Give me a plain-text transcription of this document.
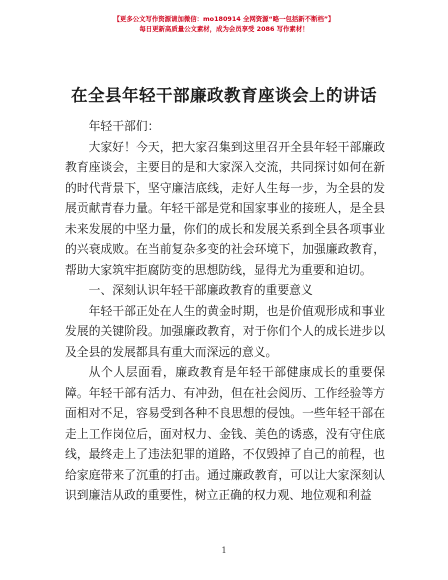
【更多公文写作资源请加微信：mo180914 全网资源“略一包括新不断档”】
每日更新高质量公文素材，成为会员享受 2086 写作素材！
在全县年轻干部廉政教育座谈会上的讲话

年轻干部们：

大家好！今天，把大家召集到这里召开全县年轻干部廉政教育座谈会，主要目的是和大家深入交流，共同探讨如何在新的时代背景下，坚守廉洁底线，走好人生每一步，为全县的发展贡献青春力量。年轻干部是党和国家事业的接班人，是全县未来发展的中坚力量，你们的成长和发展关系到全县各项事业的兴衰成败。在当前复杂多变的社会环境下，加强廉政教育，帮助大家筑牢拒腐防变的思想防线，显得尤为重要和迫切。

一、深刻认识年轻干部廉政教育的重要意义

年轻干部正处在人生的黄金时期，也是价值观形成和事业发展的关键阶段。加强廉政教育，对于你们个人的成长进步以及全县的发展都具有重大而深远的意义。

从个人层面看，廉政教育是年轻干部健康成长的重要保障。年轻干部有活力、有冲劲，但在社会阅历、工作经验等方面相对不足，容易受到各种不良思想的侵蚀。一些年轻干部在走上工作岗位后，面对权力、金钱、美色的诱惑，没有守住底线，最终走上了违法犯罪的道路，不仅毁掉了自己的前程，也给家庭带来了沉重的打击。通过廉政教育，可以让大家深刻认识到廉洁从政的重要性，树立正确的权力观、地位观和利益

1
